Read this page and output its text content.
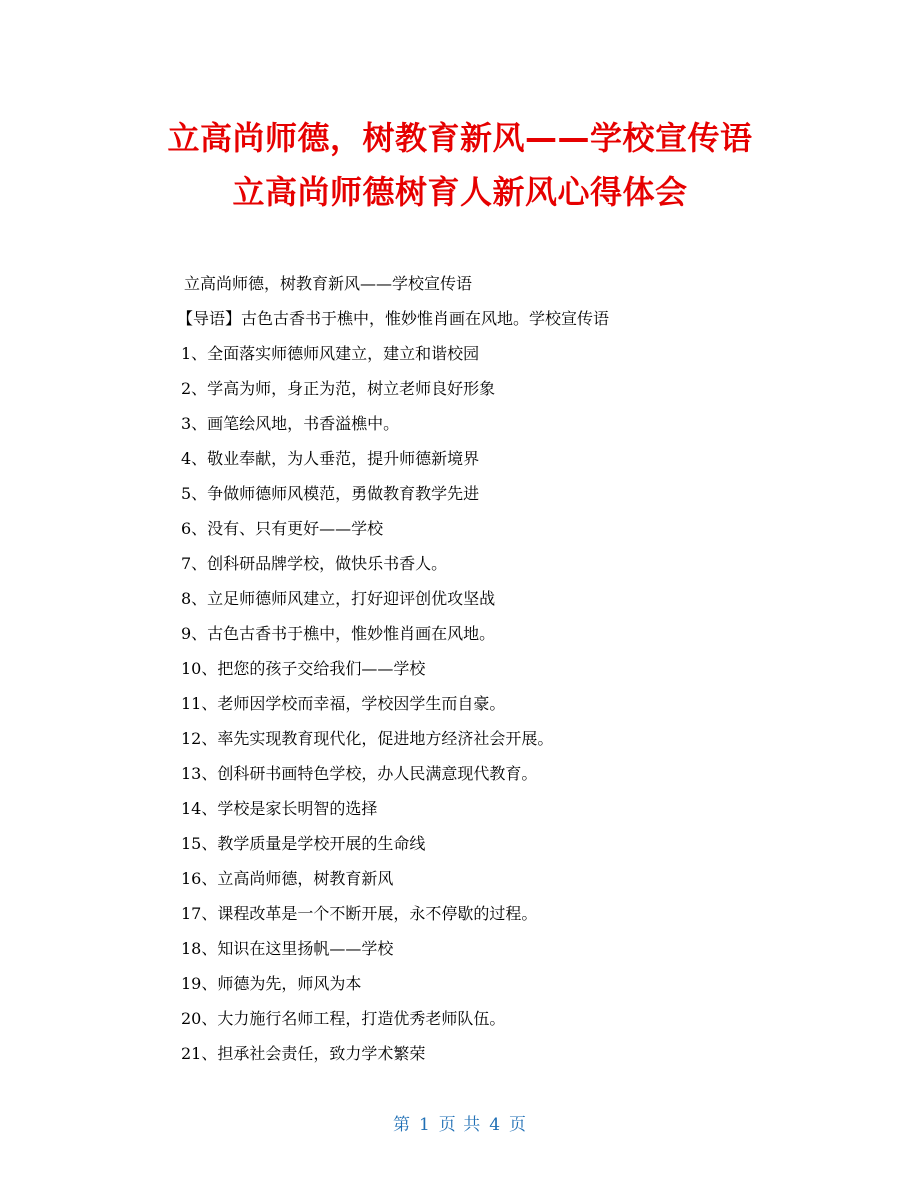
立高尚师德，树教育新风——学校宣传语
立高尚师德树育人新风心得体会
立高尚师德，树教育新风——学校宣传语
【导语】古色古香书于樵中，惟妙惟肖画在风地。学校宣传语
1、全面落实师德师风建立，建立和谐校园
2、学高为师，身正为范，树立老师良好形象
3、画笔绘风地，书香溢樵中。
4、敬业奉献，为人垂范，提升师德新境界
5、争做师德师风模范，勇做教育教学先进
6、没有、只有更好——学校
7、创科研品牌学校，做快乐书香人。
8、立足师德师风建立，打好迎评创优攻坚战
9、古色古香书于樵中，惟妙惟肖画在风地。
10、把您的孩子交给我们——学校
11、老师因学校而幸福，学校因学生而自豪。
12、率先实现教育现代化，促进地方经济社会开展。
13、创科研书画特色学校，办人民满意现代教育。
14、学校是家长明智的选择
15、教学质量是学校开展的生命线
16、立高尚师德，树教育新风
17、课程改革是一个不断开展，永不停歇的过程。
18、知识在这里扬帆——学校
19、师德为先，师风为本
20、大力施行名师工程，打造优秀老师队伍。
21、担承社会责任，致力学术繁荣
第 1 页 共 4 页
